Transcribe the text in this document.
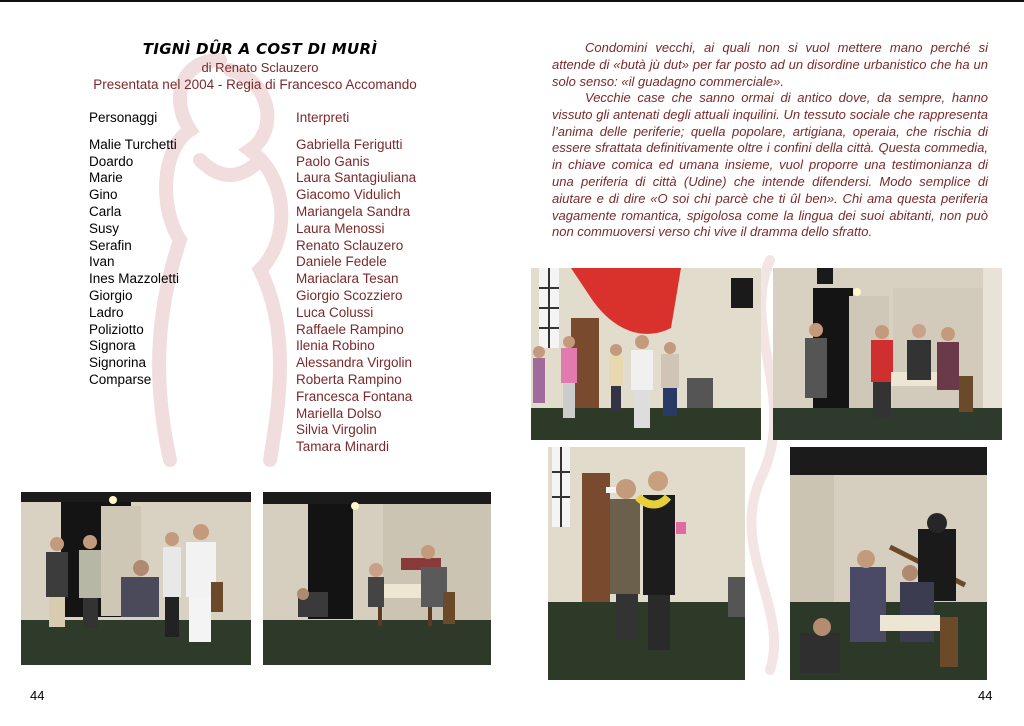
TIGNÌ DÛR A COST DI MURÌ
di Renato Sclauzero
Presentata nel 2004 - Regia di Francesco Accomando
Personaggi
Malie Turchetti
Doardo
Marie
Gino
Carla
Susy
Serafin
Ivan
Ines Mazzoletti
Giorgio
Ladro
Poliziotto
Signora
Signorina
Comparse
Interpreti
Gabriella Ferigutti
Paolo Ganis
Laura Santagiuliana
Giacomo Vidulich
Mariangela Sandra
Laura Menossi
Renato Sclauzero
Daniele Fedele
Mariaclara Tesan
Giorgio Scozziero
Luca Colussi
Raffaele Rampino
Ilenia Robino
Alessandra Virgolin
Roberta Rampino
Francesca Fontana
Mariella Dolso
Silvia Virgolin
Tamara Minardi
44
Condomini vecchi, ai quali non si vuol mettere mano perché si attende di «butà jù dut» per far posto ad un disordine urbanistico che ha un solo senso: «il guadagno commerciale».
Vecchie case che sanno ormai di antico dove, da sempre, hanno vissuto gli antenati degli attuali inquilini. Un tessuto sociale che rappresenta l’anima delle periferie; quella popolare, artigiana, operaia, che rischia di essere sfrattata definitivamente oltre i confini della città. Questa commedia, in chiave comica ed umana insieme, vuol proporre una testimonianza di una periferia di città (Udine) che intende difendersi. Modo semplice di aiutare e di dire «O soi chi parcè che ti ûl ben». Chi ama questa periferia vagamente romantica, spigolosa come la lingua dei suoi abitanti, non può non commuoversi verso chi vive il dramma dello sfratto.
44
